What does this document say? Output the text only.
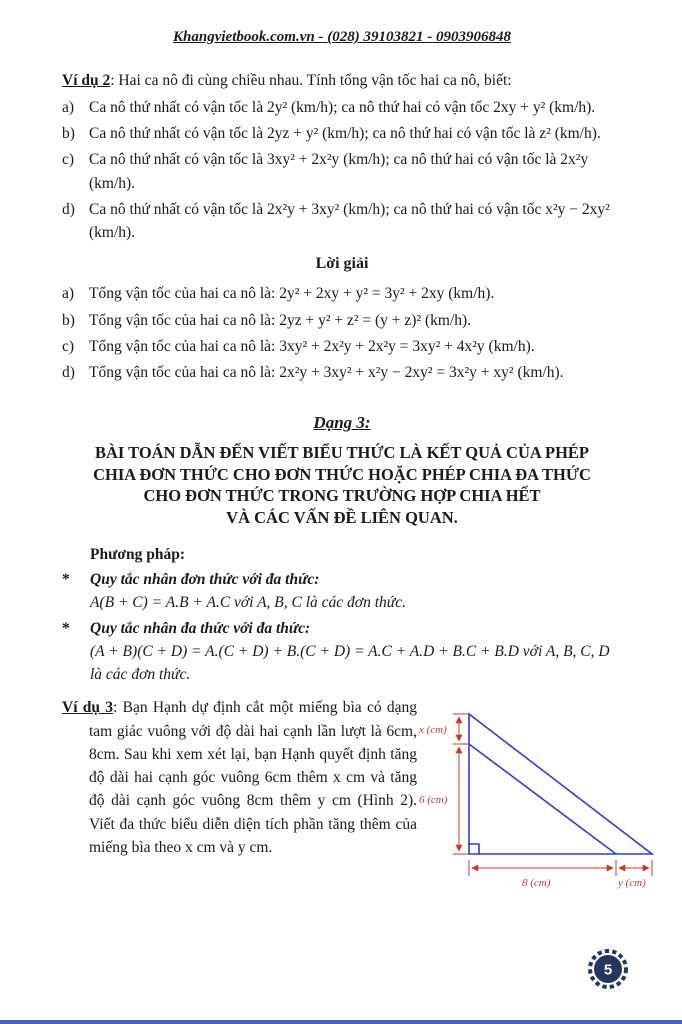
Khangvietbook.com.vn - (028) 39103821 - 0903906848
Ví dụ 2: Hai ca nô đi cùng chiều nhau. Tính tổng vận tốc hai ca nô, biết:
a) Ca nô thứ nhất có vận tốc là 2y² (km/h); ca nô thứ hai có vận tốc 2xy + y² (km/h).
b) Ca nô thứ nhất có vận tốc là 2yz + y² (km/h); ca nô thứ hai có vận tốc là z² (km/h).
c) Ca nô thứ nhất có vận tốc là 3xy² + 2x²y (km/h); ca nô thứ hai có vận tốc là 2x²y (km/h).
d) Ca nô thứ nhất có vận tốc là 2x²y + 3xy² (km/h); ca nô thứ hai có vận tốc x²y − 2xy² (km/h).
Lời giải
a) Tổng vận tốc của hai ca nô là: 2y² + 2xy + y² = 3y² + 2xy (km/h).
b) Tổng vận tốc của hai ca nô là: 2yz + y² + z² = (y + z)² (km/h).
c) Tổng vận tốc của hai ca nô là: 3xy² + 2x²y + 2x²y = 3xy² + 4x²y (km/h).
d) Tổng vận tốc của hai ca nô là: 2x²y + 3xy² + x²y − 2xy² = 3x²y + xy² (km/h).
Dạng 3:
BÀI TOÁN DẪN ĐẾN VIẾT BIỂU THỨC LÀ KẾT QUẢ CỦA PHÉP
CHIA ĐƠN THỨC CHO ĐƠN THỨC HOẶC PHÉP CHIA ĐA THỨC
CHO ĐƠN THỨC TRONG TRƯỜNG HỢP CHIA HẾT
VÀ CÁC VẤN ĐỀ LIÊN QUAN.
Phương pháp:
*	Quy tắc nhân đơn thức với đa thức:
A(B + C) = A.B + A.C với A, B, C là các đơn thức.
*	Quy tắc nhân đa thức với đa thức:
(A + B)(C + D) = A.(C + D) + B.(C + D) = A.C + A.D + B.C + B.D với A, B, C, D là các đơn thức.
Ví dụ 3: Bạn Hạnh dự định cắt một miếng bìa có dạng tam giác vuông với độ dài hai cạnh lần lượt là 6cm, 8cm. Sau khi xem xét lại, bạn Hạnh quyết định tăng độ dài hai cạnh góc vuông 6cm thêm x cm và tăng độ dài cạnh góc vuông 8cm thêm y cm (Hình 2). Viết đa thức biểu diễn diện tích phần tăng thêm của miếng bìa theo x cm và y cm.
x (cm)
6 (cm)
8 (cm)	y (cm)
5
